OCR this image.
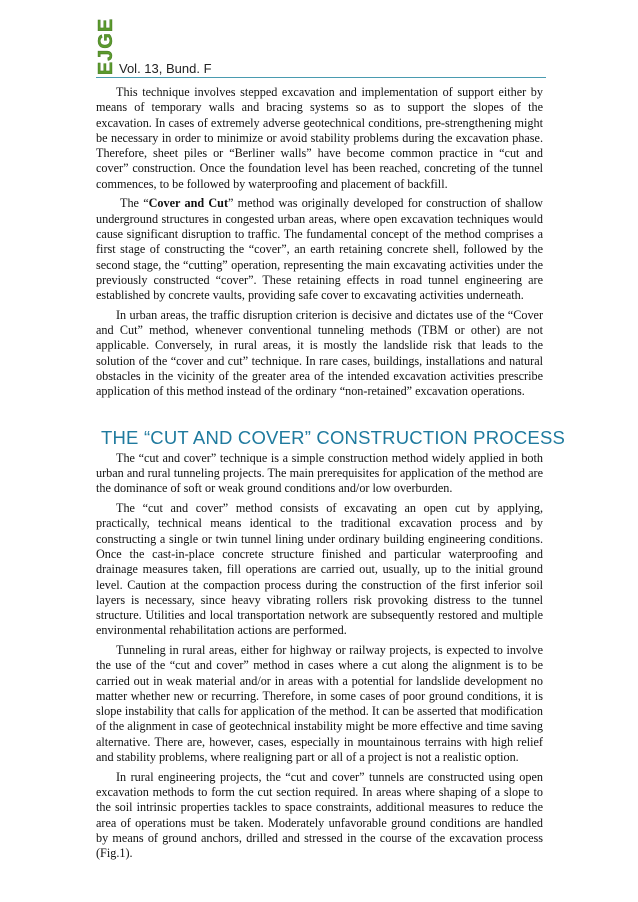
EJGE Vol. 13, Bund. F

This technique involves stepped excavation and implementation of support either by means of temporary walls and bracing systems so as to support the slopes of the excavation. In cases of extremely adverse geotechnical conditions, pre-strengthening might be necessary in order to minimize or avoid stability problems during the excavation phase. Therefore, sheet piles or “Berliner walls” have become common practice in “cut and cover” construction. Once the foundation level has been reached, concreting of the tunnel commences, to be followed by waterproofing and placement of backfill.

The “Cover and Cut” method was originally developed for construction of shallow underground structures in congested urban areas, where open excavation techniques would cause significant disruption to traffic. The fundamental concept of the method comprises a first stage of constructing the “cover”, an earth retaining concrete shell, followed by the second stage, the “cutting” operation, representing the main excavating activities under the previously constructed “cover”. These retaining effects in road tunnel engineering are established by concrete vaults, providing safe cover to excavating activities underneath.

In urban areas, the traffic disruption criterion is decisive and dictates use of the “Cover and Cut” method, whenever conventional tunneling methods (TBM or other) are not applicable. Conversely, in rural areas, it is mostly the landslide risk that leads to the solution of the “cover and cut” technique. In rare cases, buildings, installations and natural obstacles in the vicinity of the greater area of the intended excavation activities prescribe application of this method instead of the ordinary “non-retained” excavation operations.

THE “CUT AND COVER” CONSTRUCTION PROCESS

The “cut and cover” technique is a simple construction method widely applied in both urban and rural tunneling projects. The main prerequisites for application of the method are the dominance of soft or weak ground conditions and/or low overburden.

The “cut and cover” method consists of excavating an open cut by applying, practically, technical means identical to the traditional excavation process and by constructing a single or twin tunnel lining under ordinary building engineering conditions. Once the cast-in-place concrete structure finished and particular waterproofing and drainage measures taken, fill operations are carried out, usually, up to the initial ground level. Caution at the compaction process during the construction of the first inferior soil layers is necessary, since heavy vibrating rollers risk provoking distress to the tunnel structure. Utilities and local transportation network are subsequently restored and multiple environmental rehabilitation actions are performed.

Tunneling in rural areas, either for highway or railway projects, is expected to involve the use of the “cut and cover” method in cases where a cut along the alignment is to be carried out in weak material and/or in areas with a potential for landslide development no matter whether new or recurring. Therefore, in some cases of poor ground conditions, it is slope instability that calls for application of the method. It can be asserted that modification of the alignment in case of geotechnical instability might be more effective and time saving alternative. There are, however, cases, especially in mountainous terrains with high relief and stability problems, where realigning part or all of a project is not a realistic option.

In rural engineering projects, the “cut and cover” tunnels are constructed using open excavation methods to form the cut section required. In areas where shaping of a slope to the soil intrinsic properties tackles to space constraints, additional measures to reduce the area of operations must be taken. Moderately unfavorable ground conditions are handled by means of ground anchors, drilled and stressed in the course of the excavation process (Fig.1).
